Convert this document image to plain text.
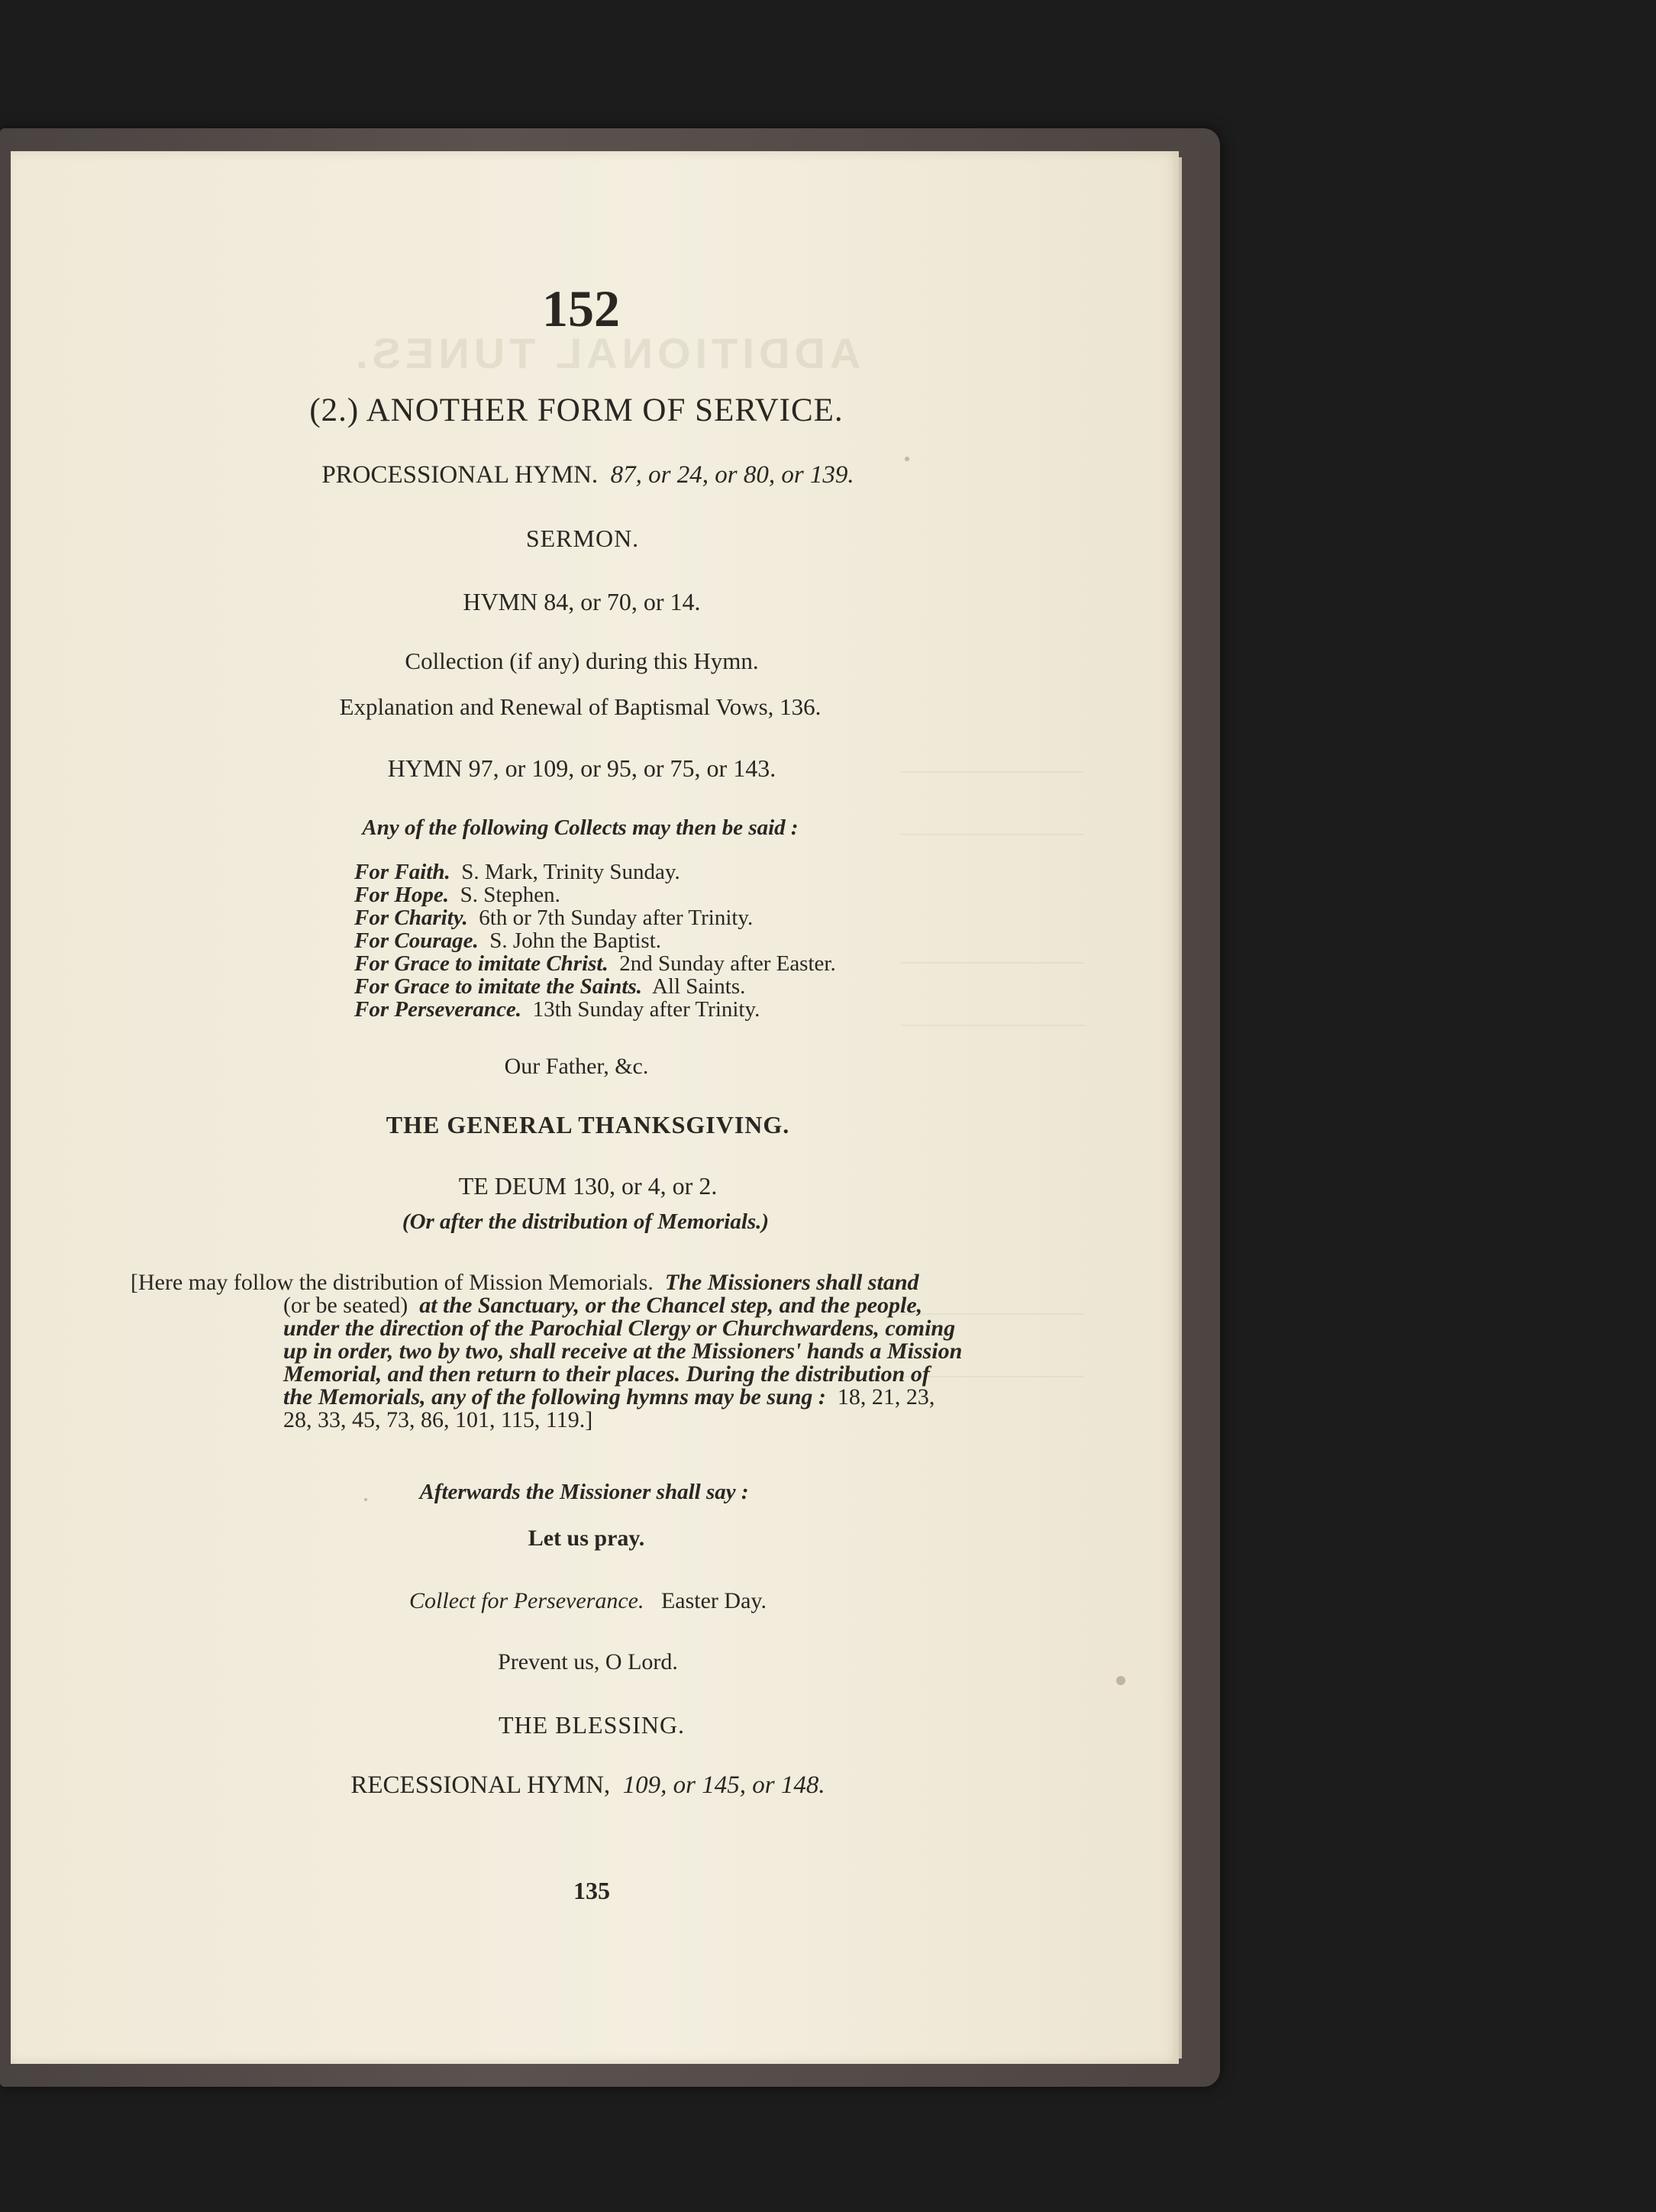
ADDITIONAL TUNES.
152
(2.) ANOTHER FORM OF SERVICE.
PROCESSIONAL HYMN. 87, or 24, or 80, or 139.
SERMON.
HVMN 84, or 70, or 14.
Collection (if any) during this Hymn.
Explanation and Renewal of Baptismal Vows, 136.
HYMN 97, or 109, or 95, or 75, or 143.
Any of the following Collects may then be said :
For Faith. S. Mark, Trinity Sunday.
For Hope. S. Stephen.
For Charity. 6th or 7th Sunday after Trinity.
For Courage. S. John the Baptist.
For Grace to imitate Christ. 2nd Sunday after Easter.
For Grace to imitate the Saints. All Saints.
For Perseverance. 13th Sunday after Trinity.
Our Father, &c.
THE GENERAL THANKSGIVING.
TE DEUM 130, or 4, or 2.
(Or after the distribution of Memorials.)
[Here may follow the distribution of Mission Memorials. The Missioners shall stand
(or be seated) at the Sanctuary, or the Chancel step, and the people,
under the direction of the Parochial Clergy or Churchwardens, coming
up in order, two by two, shall receive at the Missioners' hands a Mission
Memorial, and then return to their places. During the distribution of
the Memorials, any of the following hymns may be sung : 18, 21, 23,
28, 33, 45, 73, 86, 101, 115, 119.]
Afterwards the Missioner shall say :
Let us pray.
Collect for Perseverance. Easter Day.
Prevent us, O Lord.
THE BLESSING.
RECESSIONAL HYMN, 109, or 145, or 148.
135
